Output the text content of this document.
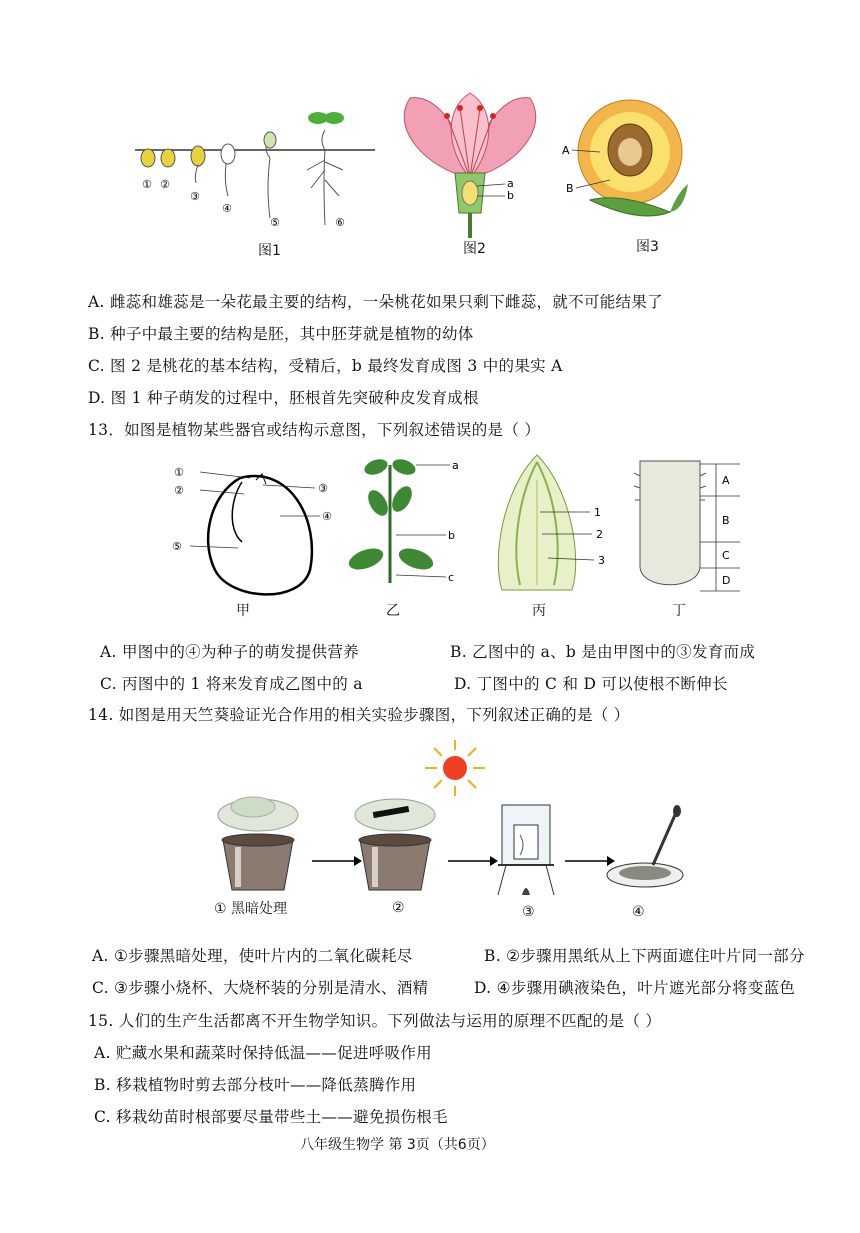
① ②
③
④
⑤	⑥
图1
a
b
图2
A
B
图3
A. 雌蕊和雄蕊是一朵花最主要的结构，一朵桃花如果只剩下雌蕊，就不可能结果了
B. 种子中最主要的结构是胚，其中胚芽就是植物的幼体
C. 图 2 是桃花的基本结构，受精后，b 最终发育成图 3 中的果实 A
D. 图 1 种子萌发的过程中，胚根首先突破种皮发育成根
13．如图是植物某些器官或结构示意图，下列叙述错误的是（ ）
①
②	③
④
⑤
甲
a
b
c
乙
1
2
3
丙
A
B
C
D
丁
A. 甲图中的④为种子的萌发提供营养	B. 乙图中的 a、b 是由甲图中的③发育而成
C. 丙图中的 1 将来发育成乙图中的 a	D. 丁图中的 C 和 D 可以使根不断伸长
14. 如图是用天竺葵验证光合作用的相关实验步骤图，下列叙述正确的是（ ）
① 黑暗处理	②	③	④
A. ①步骤黑暗处理，使叶片内的二氧化碳耗尽	B. ②步骤用黑纸从上下两面遮住叶片同一部分
C. ③步骤小烧杯、大烧杯装的分别是清水、酒精	D. ④步骤用碘液染色，叶片遮光部分将变蓝色
15. 人们的生产生活都离不开生物学知识。下列做法与运用的原理不匹配的是（ ）
A. 贮藏水果和蔬菜时保持低温——促进呼吸作用
B. 移栽植物时剪去部分枝叶——降低蒸腾作用
C. 移栽幼苗时根部要尽量带些土——避免损伤根毛
八年级生物学 第 3页（共6页）
